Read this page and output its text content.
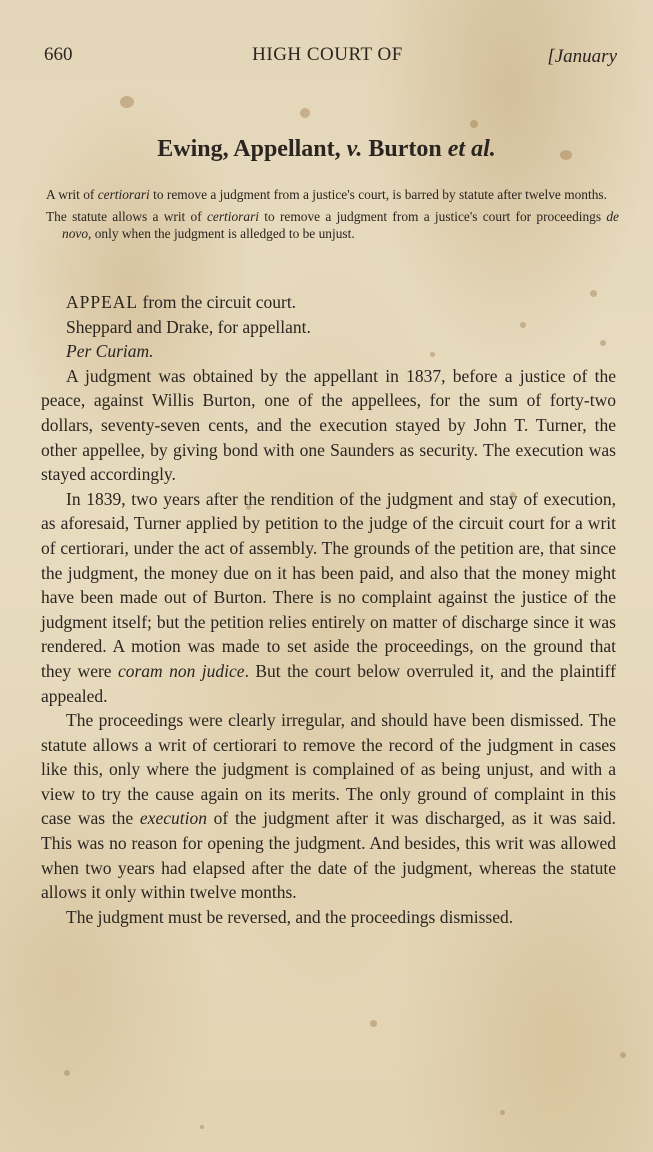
660	HIGH COURT OF	[January
Ewing, Appellant, v. Burton et al.

A writ of certiorari to remove a judgment from a justice's court, is barred by statute after twelve months.

The statute allows a writ of certiorari to remove a judgment from a justice's court for proceedings de novo, only when the judgment is alledged to be unjust.

APPEAL from the circuit court.

Sheppard and Drake, for appellant.

Per Curiam.

A judgment was obtained by the appellant in 1837, before a justice of the peace, against Willis Burton, one of the appellees, for the sum of forty-two dollars, seventy-seven cents, and the execution stayed by John T. Turner, the other appellee, by giving bond with one Saunders as security. The execution was stayed accordingly.

In 1839, two years after the rendition of the judgment and stay of execution, as aforesaid, Turner applied by petition to the judge of the circuit court for a writ of certiorari, under the act of assembly. The grounds of the petition are, that since the judgment, the money due on it has been paid, and also that the money might have been made out of Burton. There is no complaint against the justice of the judgment itself; but the petition relies entirely on matter of discharge since it was rendered. A motion was made to set aside the proceedings, on the ground that they were coram non judice. But the court below overruled it, and the plaintiff appealed.

The proceedings were clearly irregular, and should have been dismissed. The statute allows a writ of certiorari to remove the record of the judgment in cases like this, only where the judgment is complained of as being unjust, and with a view to try the cause again on its merits. The only ground of complaint in this case was the execution of the judgment after it was discharged, as it was said. This was no reason for opening the judgment. And besides, this writ was allowed when two years had elapsed after the date of the judgment, whereas the statute allows it only within twelve months.

The judgment must be reversed, and the proceedings dismissed.
